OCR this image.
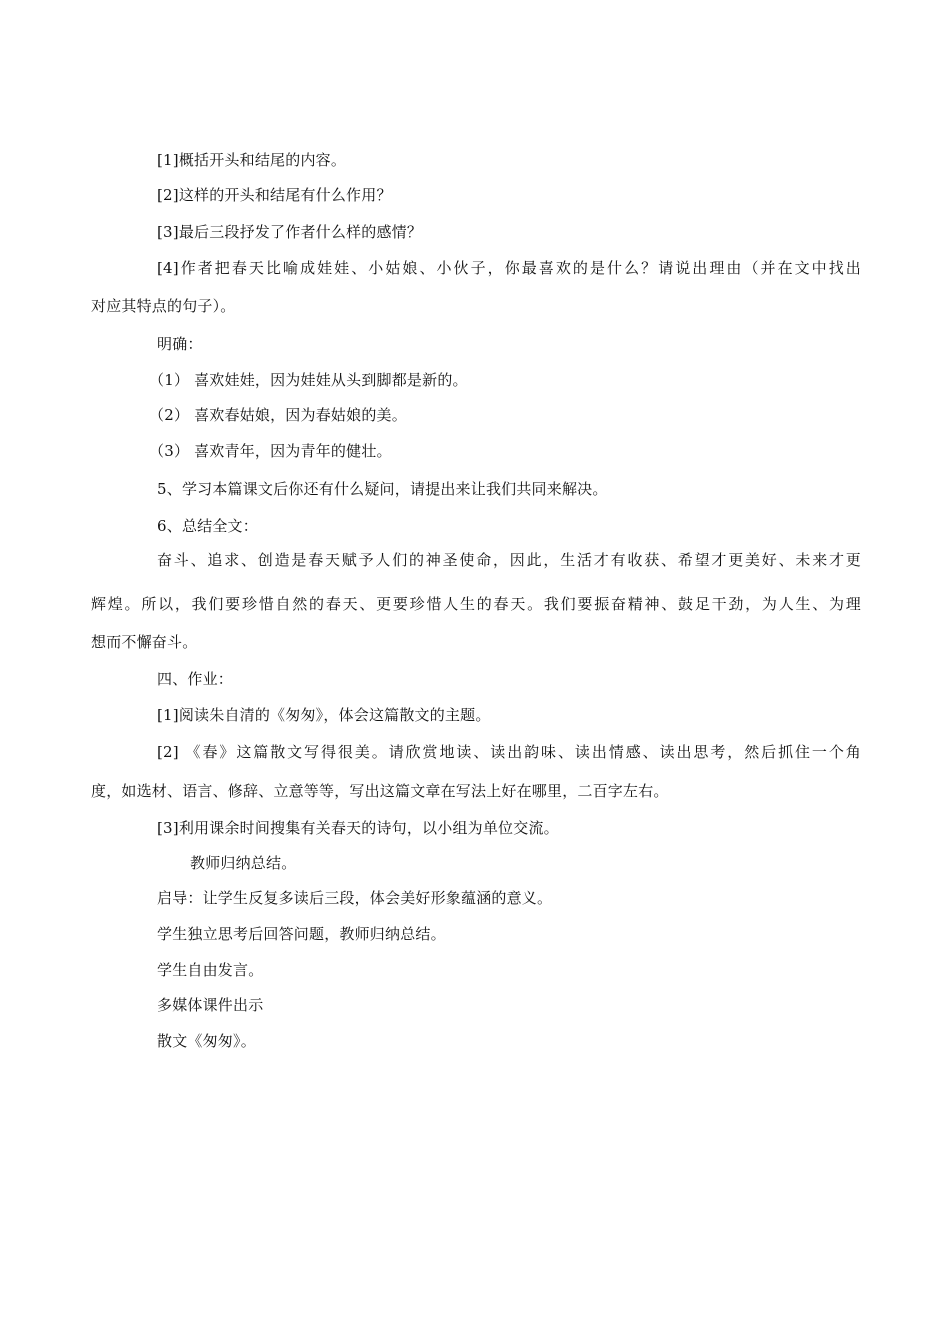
[1]概括开头和结尾的内容。
[2]这样的开头和结尾有什么作用？
[3]最后三段抒发了作者什么样的感情？
[4]作者把春天比喻成娃娃、小姑娘、小伙子，你最喜欢的是什么？请说出理由（并在文中找出
对应其特点的句子）。
明确：
（1） 喜欢娃娃，因为娃娃从头到脚都是新的。
（2） 喜欢春姑娘，因为春姑娘的美。
（3） 喜欢青年，因为青年的健壮。
5、学习本篇课文后你还有什么疑问，请提出来让我们共同来解决。
6、总结全文：
奋斗、追求、创造是春天赋予人们的神圣使命，因此，生活才有收获、希望才更美好、未来才更
辉煌。所以，我们要珍惜自然的春天、更要珍惜人生的春天。我们要振奋精神、鼓足干劲，为人生、为理
想而不懈奋斗。
四、作业：
[1]阅读朱自清的《匆匆》，体会这篇散文的主题。
[2] 《春》这篇散文写得很美。请欣赏地读、读出韵味、读出情感、读出思考，然后抓住一个角
度，如选材、语言、修辞、立意等等，写出这篇文章在写法上好在哪里，二百字左右。
[3]利用课余时间搜集有关春天的诗句，以小组为单位交流。
教师归纳总结。
启导：让学生反复多读后三段，体会美好形象蕴涵的意义。
学生独立思考后回答问题，教师归纳总结。
学生自由发言。
多媒体课件出示
散文《匆匆》。
